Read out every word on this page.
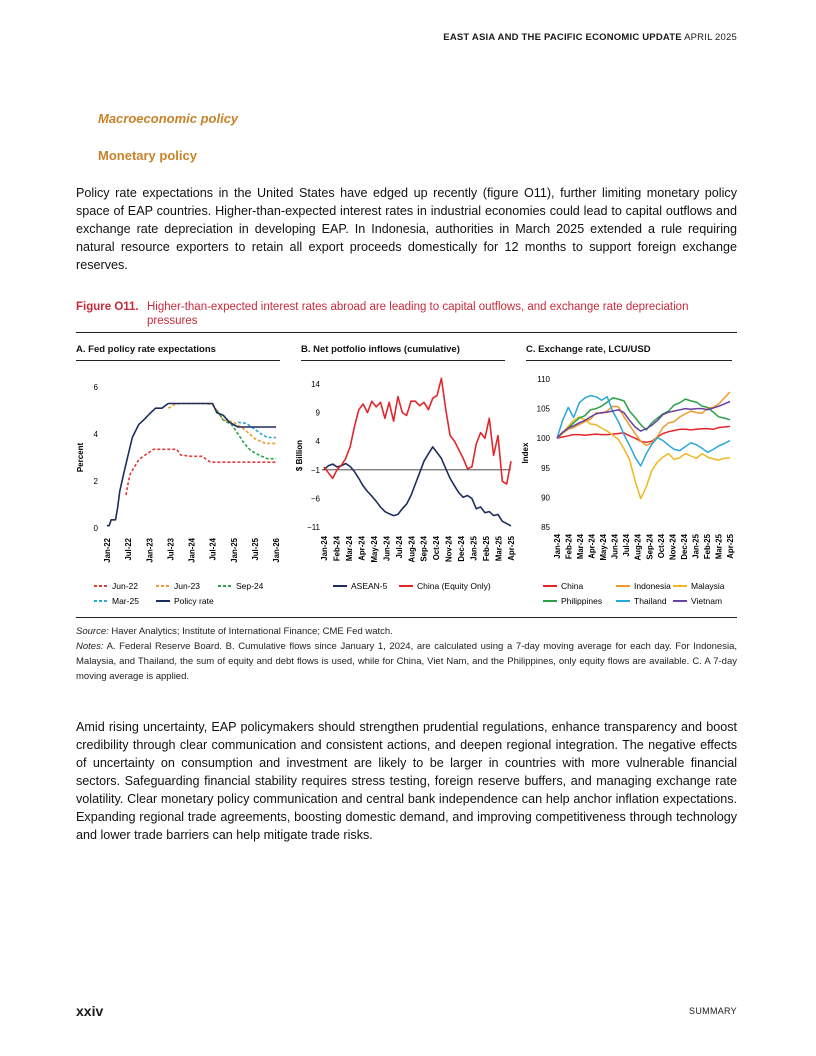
EAST ASIA AND THE PACIFIC ECONOMIC UPDATE APRIL 2025
Macroeconomic policy
Monetary policy

Policy rate expectations in the United States have edged up recently (figure O11), further limiting monetary policy space of EAP countries. Higher-than-expected interest rates in industrial economies could lead to capital outflows and exchange rate depreciation in developing EAP. In Indonesia, authorities in March 2025 extended a rule requiring natural resource exporters to retain all export proceeds domestically for 12 months to support foreign exchange reserves.

Figure O11. Higher-than-expected interest rates abroad are leading to capital outflows, and exchange rate depreciation pressures
A. Fed policy rate expectations	B. Net potfolio inflows (cumulative)	C. Exchange rate, LCU/USD
Percent
0
2
4
6
Jan-22 Jul-22 Jan-23 Jul-23 Jan-24 Jul-24 Jan-25 Jul-25 Jan-26
Jun-22	Jun-23	Sep-24
Mar-25	Policy rate
$ Billion
−11
−6
−1
4
9
14
Jan-24 Feb-24 Mar-24 Apr-24 May-24 Jun-24 Jul-24 Aug-24 Sep-24 Oct-24 Nov-24 Dec-24 Jan-25 Feb-25 Mar-25 Apr-25
ASEAN-5	China (Equity Only)
Index
85
90
95
100
105
110
Jan-24 Feb-24 Mar-24 Apr-24 May-24 Jun-24 Jul-24 Aug-24 Sep-24 Oct-24 Nov-24 Dec-24 Jan-25 Feb-25 Mar-25 Apr-25
China	Indonesia Malaysia
Philippines	Thailand	Vietnam
Source: Haver Analytics; Institute of International Finance; CME Fed watch.
Notes: A. Federal Reserve Board. B. Cumulative flows since January 1, 2024, are calculated using a 7-day moving average for each day. For Indonesia, Malaysia, and Thailand, the sum of equity and debt flows is used, while for China, Viet Nam, and the Philippines, only equity flows are available. C. A 7-day moving average is applied.

Amid rising uncertainty, EAP policymakers should strengthen prudential regulations, enhance transparency and boost credibility through clear communication and consistent actions, and deepen regional integration. The negative effects of uncertainty on consumption and investment are likely to be larger in countries with more vulnerable financial sectors. Safeguarding financial stability requires stress testing, foreign reserve buffers, and managing exchange rate volatility. Clear monetary policy communication and central bank independence can help anchor inflation expectations. Expanding regional trade agreements, boosting domestic demand, and improving competitiveness through technology and lower trade barriers can help mitigate trade risks.

xxiv	SUMMARY
